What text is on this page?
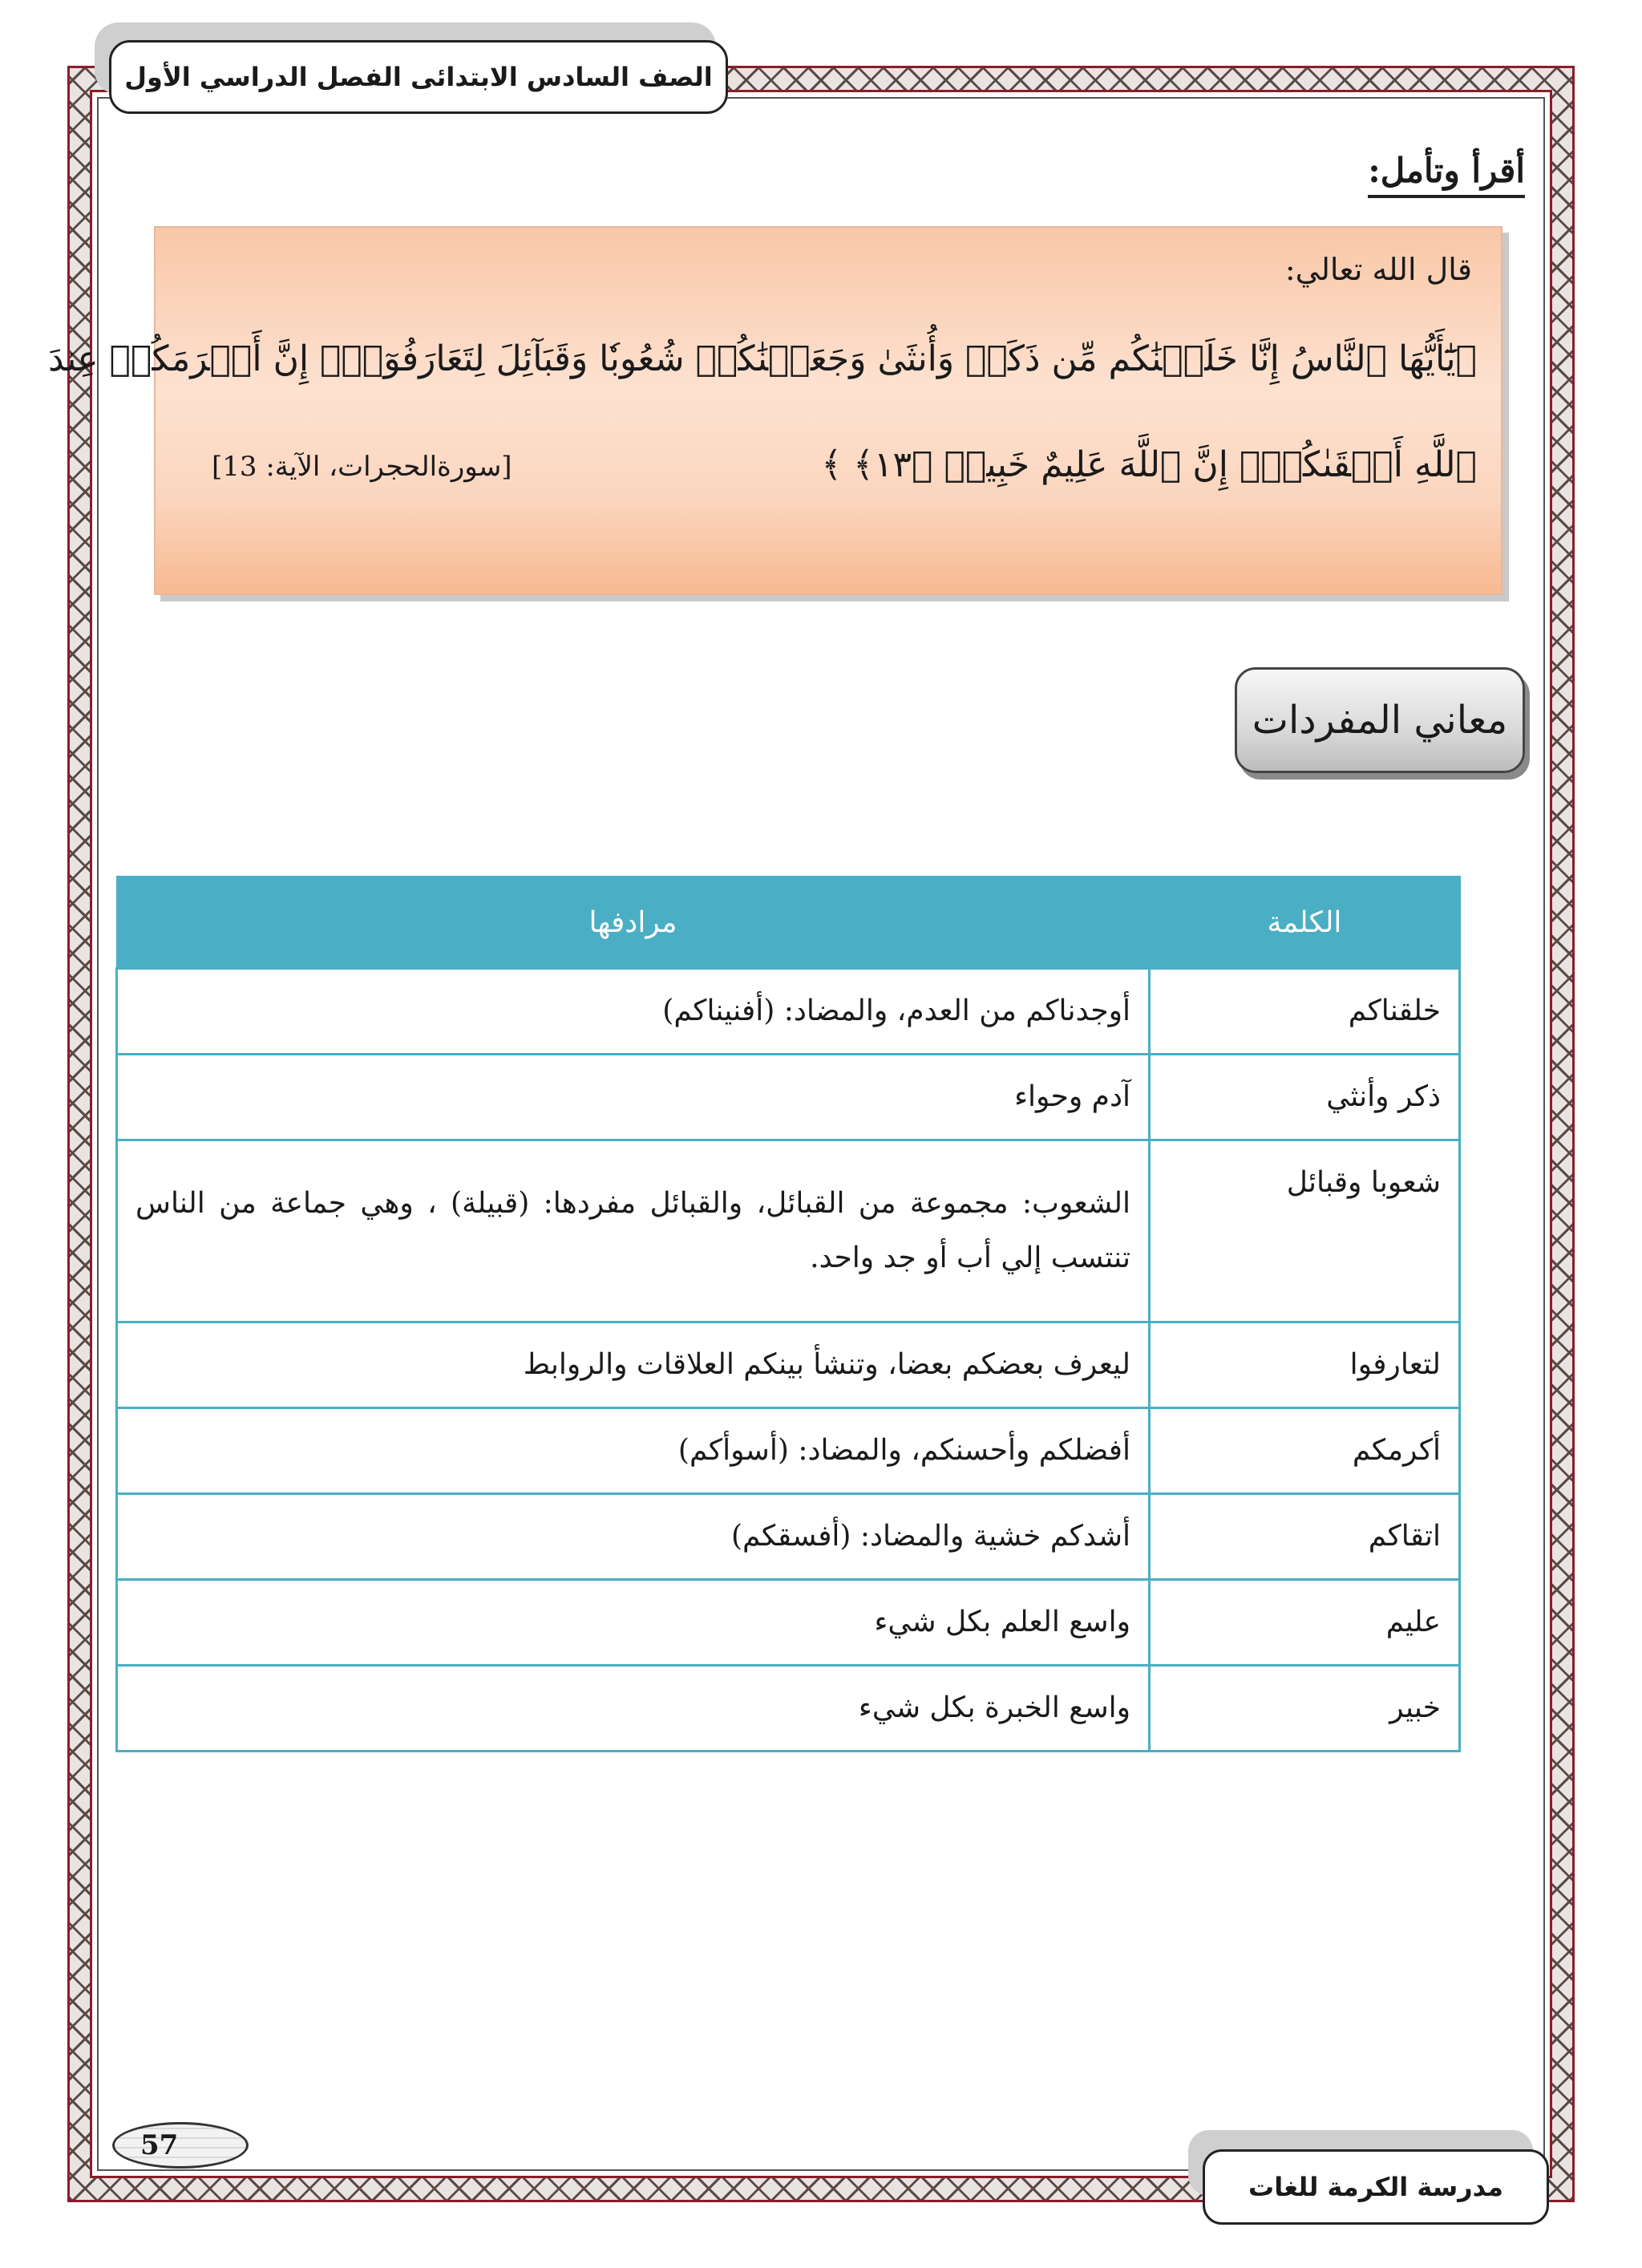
الصف السادس الابتدائى الفصل الدراسي الأول
أقرأ وتأمل:
قال الله تعالي:
﴿يَٰٓأَيُّهَا ٱلنَّاسُ إِنَّا خَلَقۡنَٰكُم مِّن ذَكَرٖ وَأُنثَىٰ وَجَعَلۡنَٰكُمۡ شُعُوبٗا وَقَبَآئِلَ لِتَعَارَفُوٓاْۚ إِنَّ أَكۡرَمَكُمۡ عِندَ
ٱللَّهِ أَتۡقَىٰكُمۡۚ إِنَّ ٱللَّهَ عَلِيمٌ خَبِيرٞ ﴿١٣﴾ ﴾
[سورةالحجرات، الآية: 13]
معاني المفردات
الكلمة	مرادفها
خلقناكم	أوجدناكم من العدم، والمضاد: (أفنيناكم)
ذكر وأنثي	آدم وحواء
شعوبا وقبائل	الشعوب: مجموعة من القبائل، والقبائل مفردها: (قبيلة) ، وهي جماعة من الناس تنتسب إلي أب أو جد واحد.
لتعارفوا	ليعرف بعضكم بعضا، وتنشأ بينكم العلاقات والروابط
أكرمكم	أفضلكم وأحسنكم، والمضاد: (أسوأكم)
اتقاكم	أشدكم خشية والمضاد: (أفسقكم)
عليم	واسع العلم بكل شيء
خبير	واسع الخبرة بكل شيء
57
مدرسة الكرمة للغات
